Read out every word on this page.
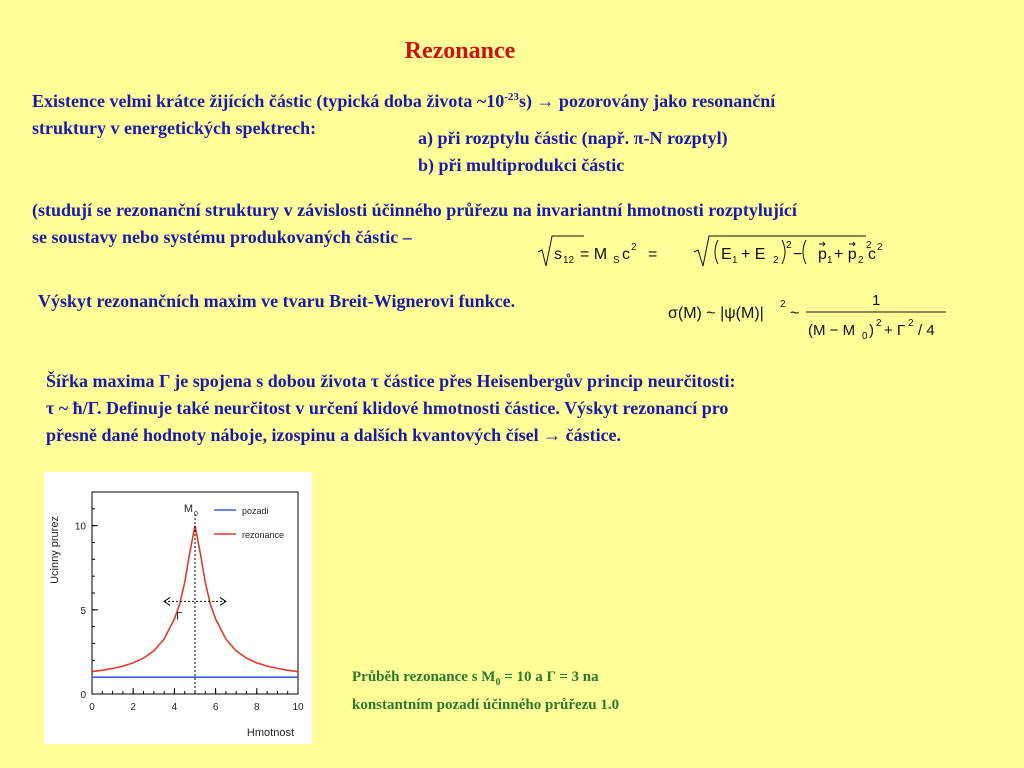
Rezonance
Existence velmi krátce žijících částic (typická doba života $\sim 10^{-23}s$) → pozorovány jako resonanční
struktury v energetických spektrech:	a) při rozptylu částic (např. π-N rozptyl)
b) při multiprodukci částic
(studují se rezonanční struktury v závislosti účinného průřezu na invariantní hmotnosti rozptylující
se soustavy nebo systému produkovaných částic –
s 12 = M S c 2 =	E 1 + E 2
2
− p 1 + p 2
2
c 2
Výskyt rezonančních maxim ve tvaru Breit-Wignerovi funkce.
σ(M) ~ |ψ(M)|
2
~
1
(M − M 0 ) 2 + Γ 2 / 4
Šířka maxima Γ je spojena s dobou života τ částice přes Heisenbergův princip neurčitosti:
τ ~ ħ/Γ. Definuje také neurčitost v určení klidové hmotnosti částice. Výskyt rezonancí pro
přesně dané hodnoty náboje, izospinu a dalších kvantových čísel → částice.
0	2	4	6	8	10
0
5
10
Hmotnost
Ucinny prurez
pozadi
rezonance
M 0
Γ
Průběh rezonance s $M_0 = 10$ a Γ = 3 na
konstantním pozadí účinného průřezu 1.0
